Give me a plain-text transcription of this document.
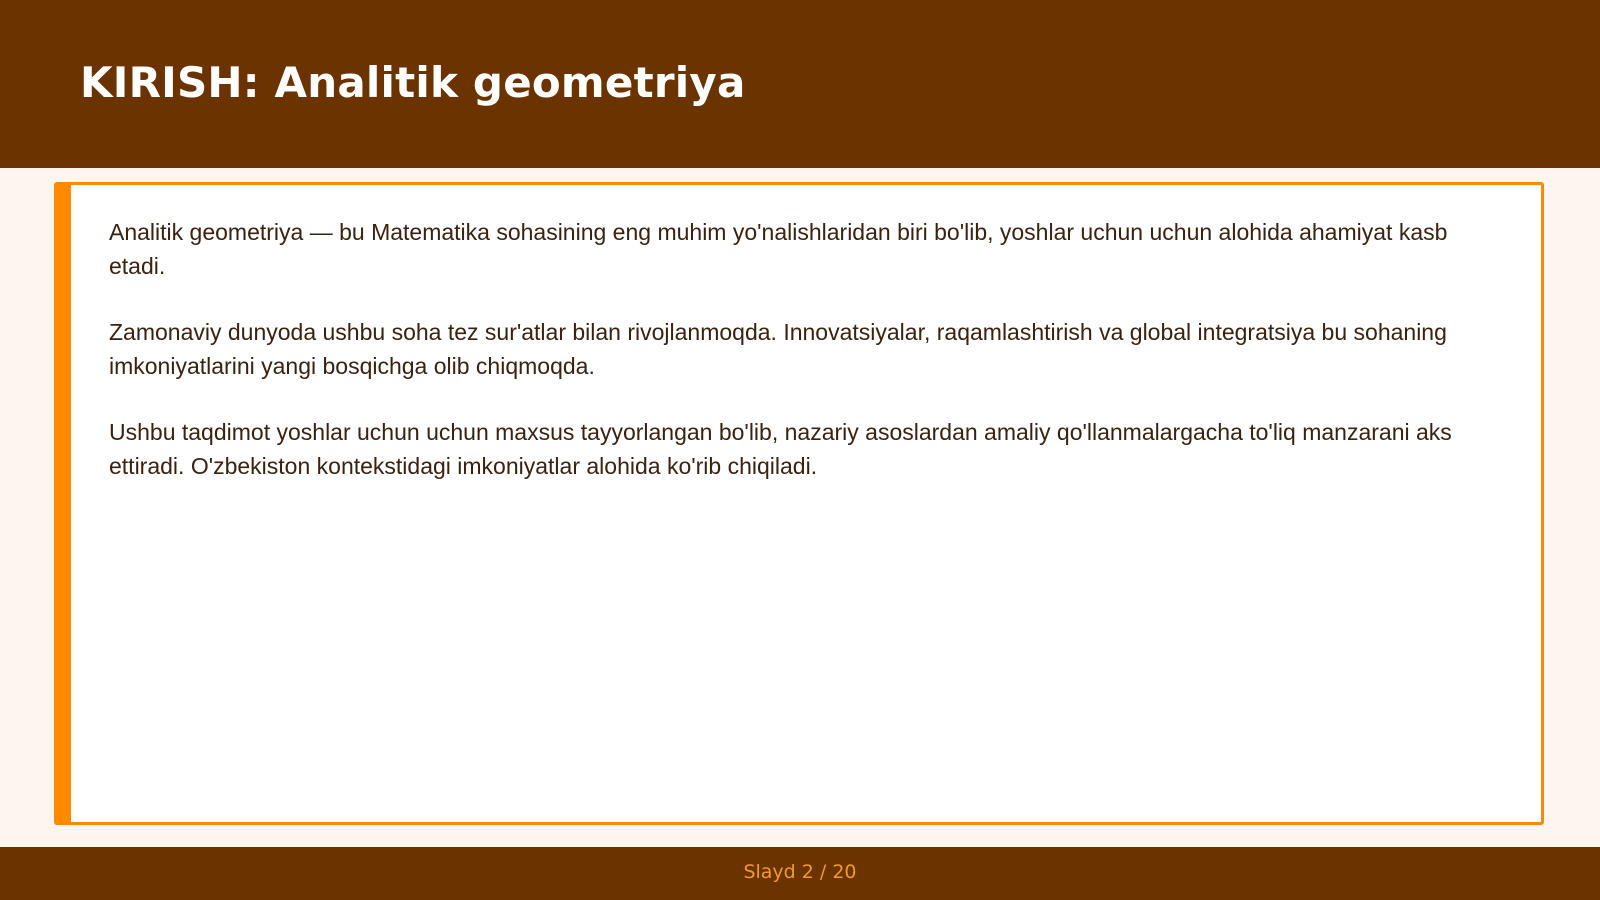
KIRISH: Analitik geometriya

Analitik geometriya — bu Matematika sohasining eng muhim yo'nalishlaridan biri bo'lib, yoshlar uchun uchun alohida ahamiyat kasb etadi.

Zamonaviy dunyoda ushbu soha tez sur'atlar bilan rivojlanmoqda. Innovatsiyalar, raqamlashtirish va global integratsiya bu sohaning imkoniyatlarini yangi bosqichga olib chiqmoqda.

Ushbu taqdimot yoshlar uchun uchun maxsus tayyorlangan bo'lib, nazariy asoslardan amaliy qo'llanmalargacha to'liq manzarani aks ettiradi. O'zbekiston kontekstidagi imkoniyatlar alohida ko'rib chiqiladi.

Slayd 2 / 20
